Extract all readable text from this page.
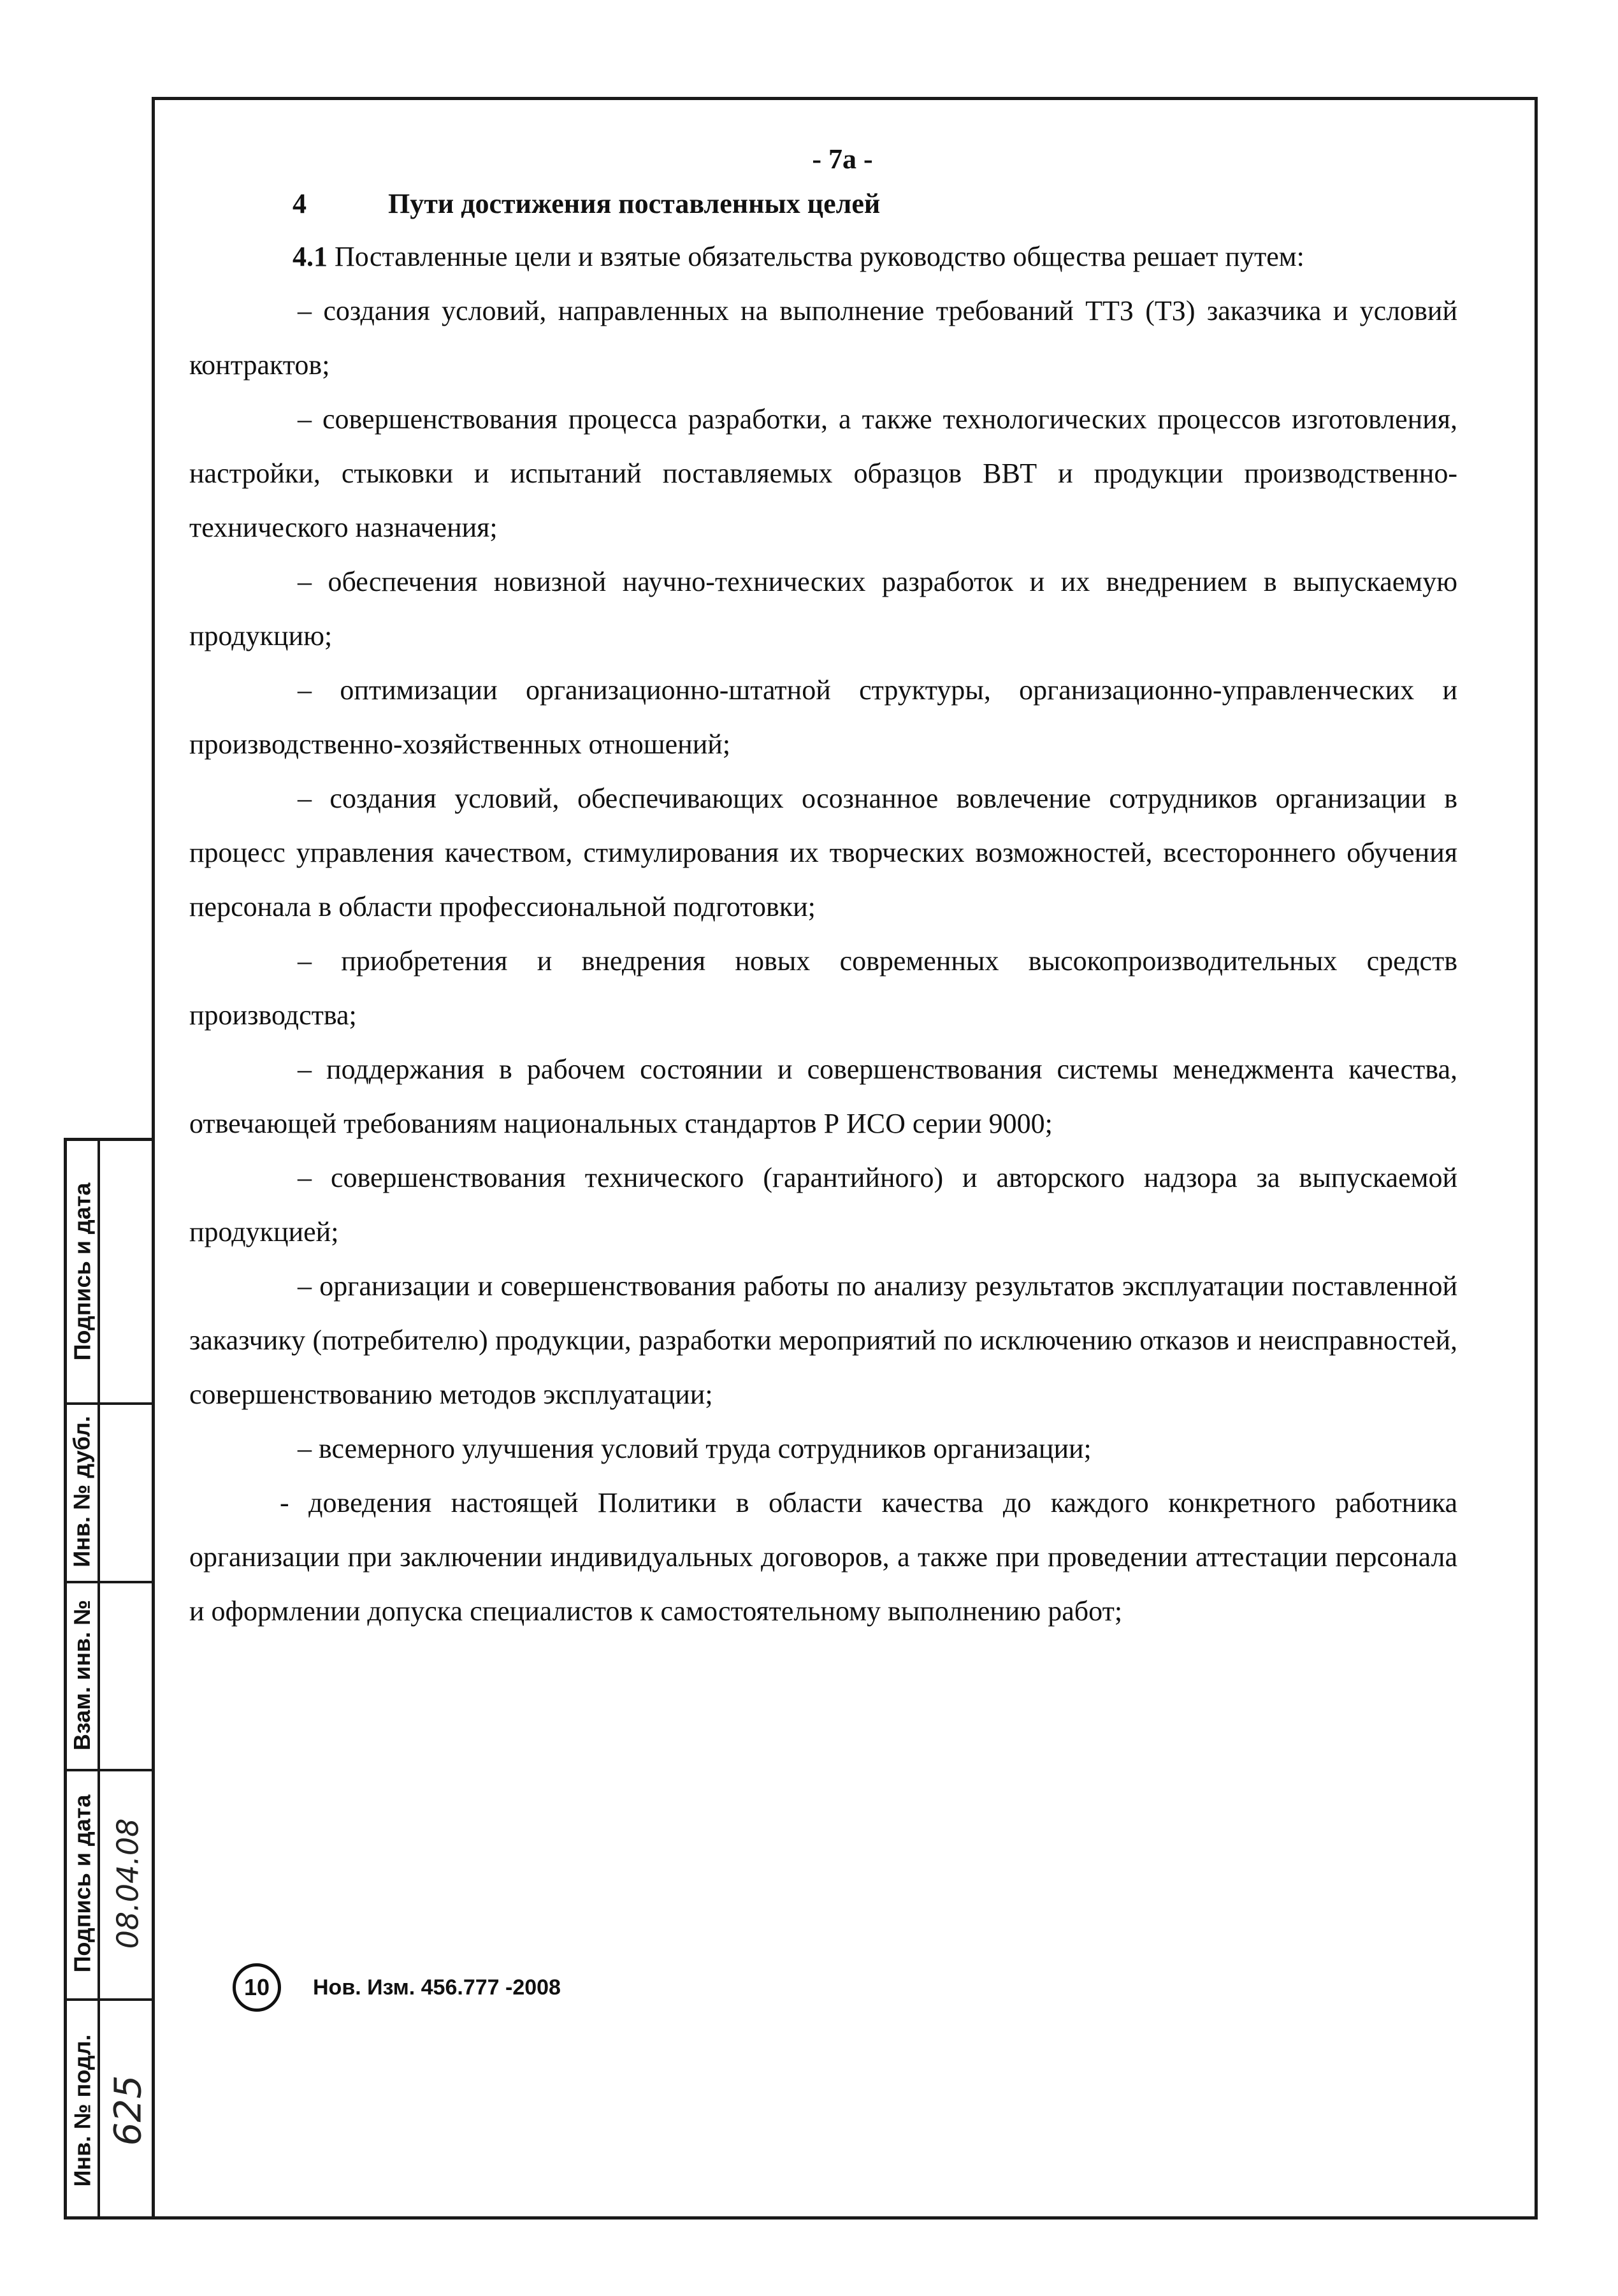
Подпись и дата
Инв. № дубл.
Взам. инв. №
Подпись и дата
Инв. № подл.
08.04.08
625
- 7а -
4	Пути достижения поставленных целей

4.1 Поставленные цели и взятые обязательства руководство общества решает путем:

– создания условий, направленных на выполнение требований ТТЗ (ТЗ) заказчика и условий контрактов;

– совершенствования процесса разработки, а также технологических процессов изготовления, настройки, стыковки и испытаний поставляемых образцов ВВТ и продукции производственно-технического назначения;

– обеспечения новизной научно-технических разработок и их внедрением в выпускаемую продукцию;

– оптимизации организационно-штатной структуры, организационно-управленческих и производственно-хозяйственных отношений;

– создания условий, обеспечивающих осознанное вовлечение сотрудников организации в процесс управления качеством, стимулирования их творческих возможностей, всестороннего обучения персонала в области профессиональной подготовки;

– приобретения и внедрения новых современных высокопроизводительных средств производства;

– поддержания в рабочем состоянии и совершенствования системы менеджмента качества, отвечающей требованиям национальных стандартов Р ИСО серии 9000;

– совершенствования технического (гарантийного) и авторского надзора за выпускаемой продукцией;

– организации и совершенствования работы по анализу результатов эксплуатации поставленной заказчику (потребителю) продукции, разработки мероприятий по исключению отказов и неисправностей, совершенствованию методов эксплуатации;

– всемерного улучшения условий труда сотрудников организации;

- доведения настоящей Политики в области качества до каждого конкретного работника организации при заключении индивидуальных договоров, а также при проведении аттестации персонала и оформлении допуска специалистов к самостоятельному выполнению работ;

10	Нов. Изм. 456.777 -2008
